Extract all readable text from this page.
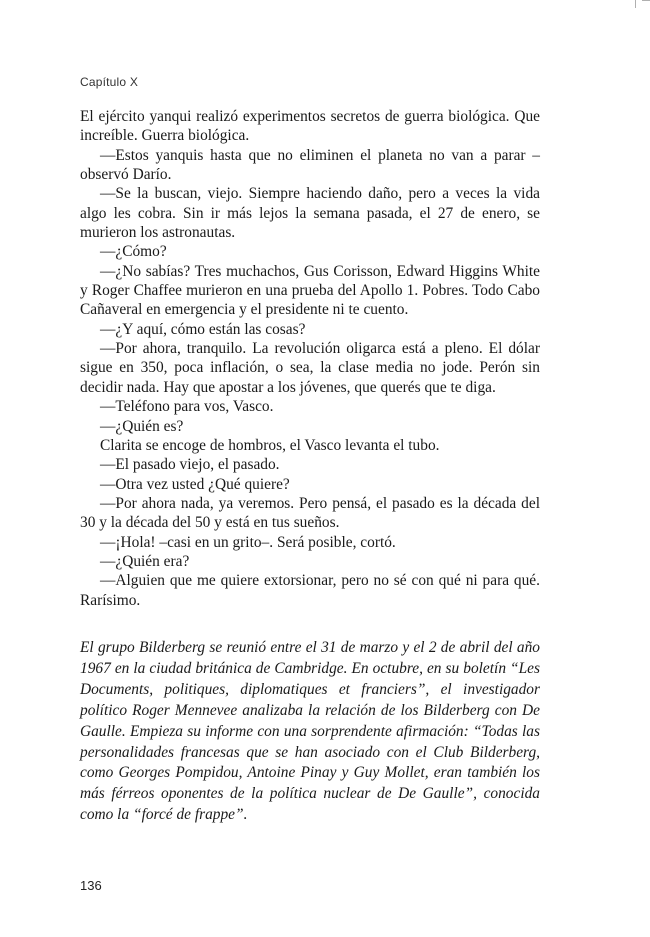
Capítulo X

El ejército yanqui realizó experimentos secretos de guerra biológica. Que increíble. Guerra biológica.

—Estos yanquis hasta que no eliminen el planeta no van a parar –observó Darío.

—Se la buscan, viejo. Siempre haciendo daño, pero a veces la vida algo les cobra. Sin ir más lejos la semana pasada, el 27 de enero, se murieron los astronautas.

—¿Cómo?

—¿No sabías? Tres muchachos, Gus Corisson, Edward Higgins White y Roger Chaffee murieron en una prueba del Apollo 1. Pobres. Todo Cabo Cañaveral en emergencia y el presidente ni te cuento.

—¿Y aquí, cómo están las cosas?

—Por ahora, tranquilo. La revolución oligarca está a pleno. El dólar sigue en 350, poca inflación, o sea, la clase media no jode. Perón sin decidir nada. Hay que apostar a los jóvenes, que querés que te diga.

—Teléfono para vos, Vasco.

—¿Quién es?

Clarita se encoge de hombros, el Vasco levanta el tubo.

—El pasado viejo, el pasado.

—Otra vez usted ¿Qué quiere?

—Por ahora nada, ya veremos. Pero pensá, el pasado es la década del 30 y la década del 50 y está en tus sueños.

—¡Hola! –casi en un grito–. Será posible, cortó.

—¿Quién era?

—Alguien que me quiere extorsionar, pero no sé con qué ni para qué. Rarísimo.

El grupo Bilderberg se reunió entre el 31 de marzo y el 2 de abril del año 1967 en la ciudad británica de Cambridge. En octubre, en su boletín “Les Documents, politiques, diplomatiques et franciers”, el investigador político Roger Mennevee analizaba la relación de los Bilderberg con De Gaulle. Empieza su informe con una sorprendente afirmación: “Todas las personalidades francesas que se han asociado con el Club Bilderberg, como Georges Pompidou, Antoine Pinay y Guy Mollet, eran también los más férreos oponentes de la política nuclear de De Gaulle”, conocida como la “forcé de frappe”.

136
